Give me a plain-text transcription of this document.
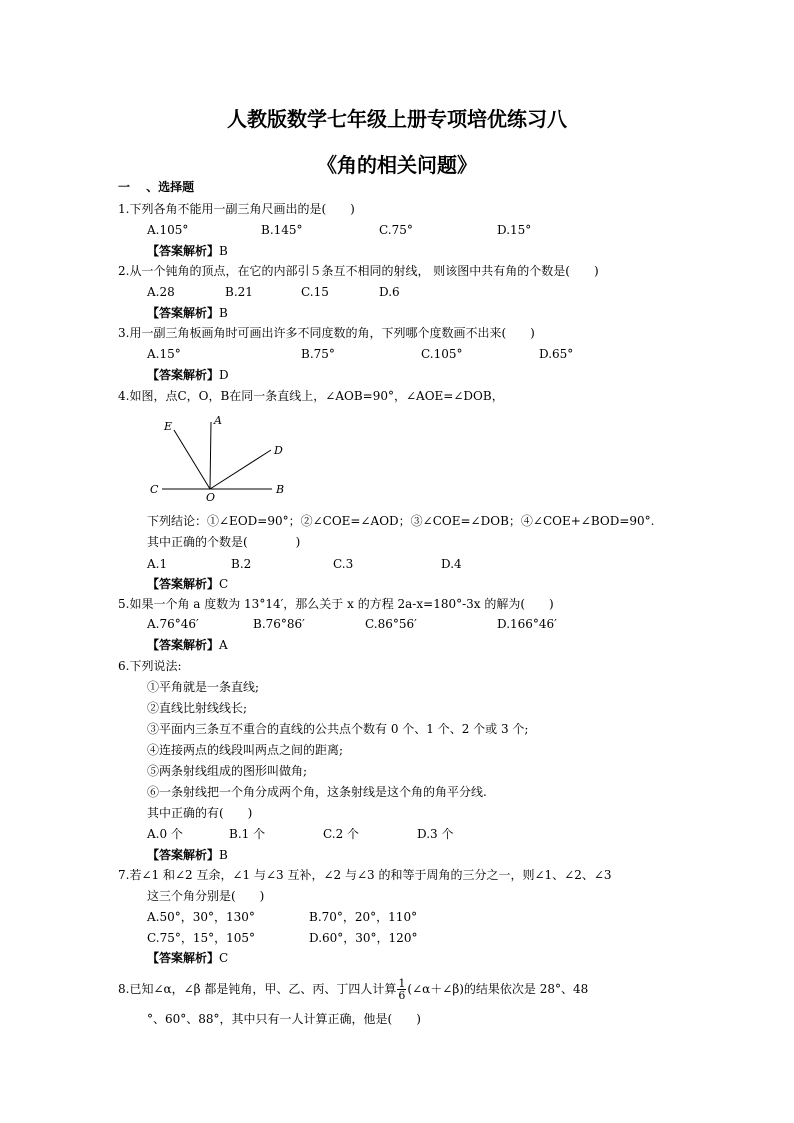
人教版数学七年级上册专项培优练习八
《角的相关问题》
一 　、选择题
1.下列各角不能用一副三角尺画出的是(　　)
A.105°	B.145°	C.75°	D.15°
【答案解析】B
2.从一个钝角的顶点，在它的内部引５条互不相同的射线， 则该图中共有角的个数是(　　)
A.28	B.21	C.15	D.6
【答案解析】B
3.用一副三角板画角时可画出许多不同度数的角，下列哪个度数画不出来(　　)
A.15°	B.75°	C.105°	D.65°
【答案解析】D
4.如图，点C，O，B在同一条直线上，∠AOB=90°，∠AOE=∠DOB，
E	A
D
C
O
B
下列结论：①∠EOD=90°；②∠COE=∠AOD；③∠COE=∠DOB；④∠COE+∠BOD=90°.
其中正确的个数是(　　　　)
A.1	B.2	C.3	D.4
【答案解析】C
5.如果一个角 a 度数为 13°14′，那么关于 x 的方程 2a-x=180°-3x 的解为(　　)
A.76°46′	B.76°86′	C.86°56′	D.166°46′
【答案解析】A
6.下列说法:
①平角就是一条直线;
②直线比射线线长;
③平面内三条互不重合的直线的公共点个数有 0 个、1 个、2 个或 3 个;
④连接两点的线段叫两点之间的距离;
⑤两条射线组成的图形叫做角;
⑥一条射线把一个角分成两个角，这条射线是这个角的角平分线.
其中正确的有(　　)
A.0 个	B.1 个	C.2 个	D.3 个
【答案解析】B
7.若∠1 和∠2 互余，∠1 与∠3 互补，∠2 与∠3 的和等于周角的三分之一，则∠1、∠2、∠3
这三个角分别是(　　)
A.50°，30°，130°	B.70°，20°，110°
C.75°，15°，105°	D.60°，30°，120°
【答案解析】C
8.已知∠α，∠β 都是钝角，甲、乙、丙、丁四人计算 $\frac{1}{6}$ (∠α＋∠β)的结果依次是 28°、48
°、60°、88°，其中只有一人计算正确，他是(　　)
